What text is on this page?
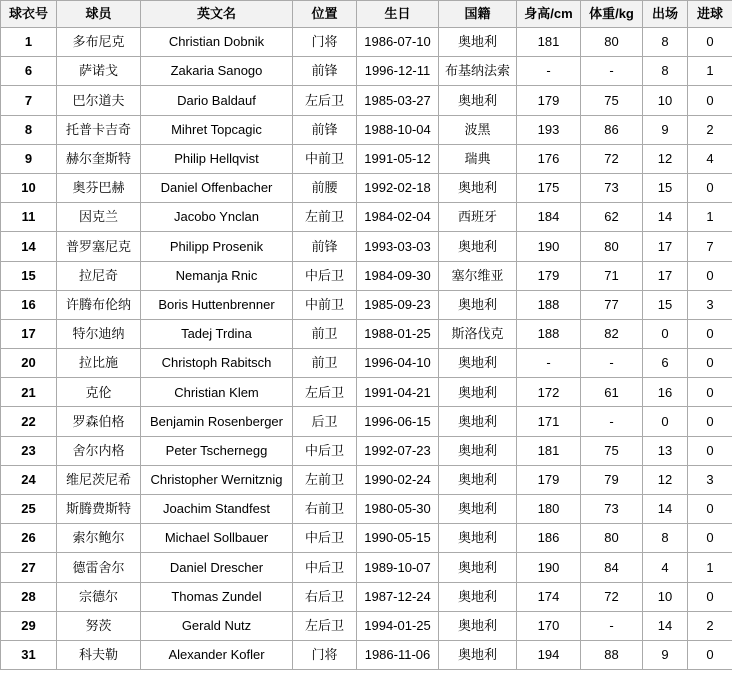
球衣号	球员	英文名	位置	生日	国籍	身高/cm	体重/kg	出场	进球
1	多布尼克	Christian Dobnik	门将	1986-07-10	奥地利	181	80	8	0
6	萨诺戈	Zakaria Sanogo	前锋	1996-12-11	布基纳法索	-	-	8	1
7	巴尔道夫	Dario Baldauf	左后卫	1985-03-27	奥地利	179	75	10	0
8	托普卡吉奇	Mihret Topcagic	前锋	1988-10-04	波黑	193	86	9	2
9	赫尔奎斯特	Philip Hellqvist	中前卫	1991-05-12	瑞典	176	72	12	4
10	奥芬巴赫	Daniel Offenbacher	前腰	1992-02-18	奥地利	175	73	15	0
11	因克兰	Jacobo Ynclan	左前卫	1984-02-04	西班牙	184	62	14	1
14	普罗塞尼克	Philipp Prosenik	前锋	1993-03-03	奥地利	190	80	17	7
15	拉尼奇	Nemanja Rnic	中后卫	1984-09-30	塞尔维亚	179	71	17	0
16	许腾布伦纳	Boris Huttenbrenner	中前卫	1985-09-23	奥地利	188	77	15	3
17	特尔迪纳	Tadej Trdina	前卫	1988-01-25	斯洛伐克	188	82	0	0
20	拉比施	Christoph Rabitsch	前卫	1996-04-10	奥地利	-	-	6	0
21	克伦	Christian Klem	左后卫	1991-04-21	奥地利	172	61	16	0
22	罗森伯格	Benjamin Rosenberger	后卫	1996-06-15	奥地利	171	-	0	0
23	舍尔内格	Peter Tschernegg	中后卫	1992-07-23	奥地利	181	75	13	0
24	维尼茨尼希	Christopher Wernitznig	左前卫	1990-02-24	奥地利	179	79	12	3
25	斯腾费斯特	Joachim Standfest	右前卫	1980-05-30	奥地利	180	73	14	0
26	索尔鲍尔	Michael Sollbauer	中后卫	1990-05-15	奥地利	186	80	8	0
27	德雷舍尔	Daniel Drescher	中后卫	1989-10-07	奥地利	190	84	4	1
28	宗德尔	Thomas Zundel	右后卫	1987-12-24	奥地利	174	72	10	0
29	努茨	Gerald Nutz	左后卫	1994-01-25	奥地利	170	-	14	2
31	科夫勒	Alexander Kofler	门将	1986-11-06	奥地利	194	88	9	0
